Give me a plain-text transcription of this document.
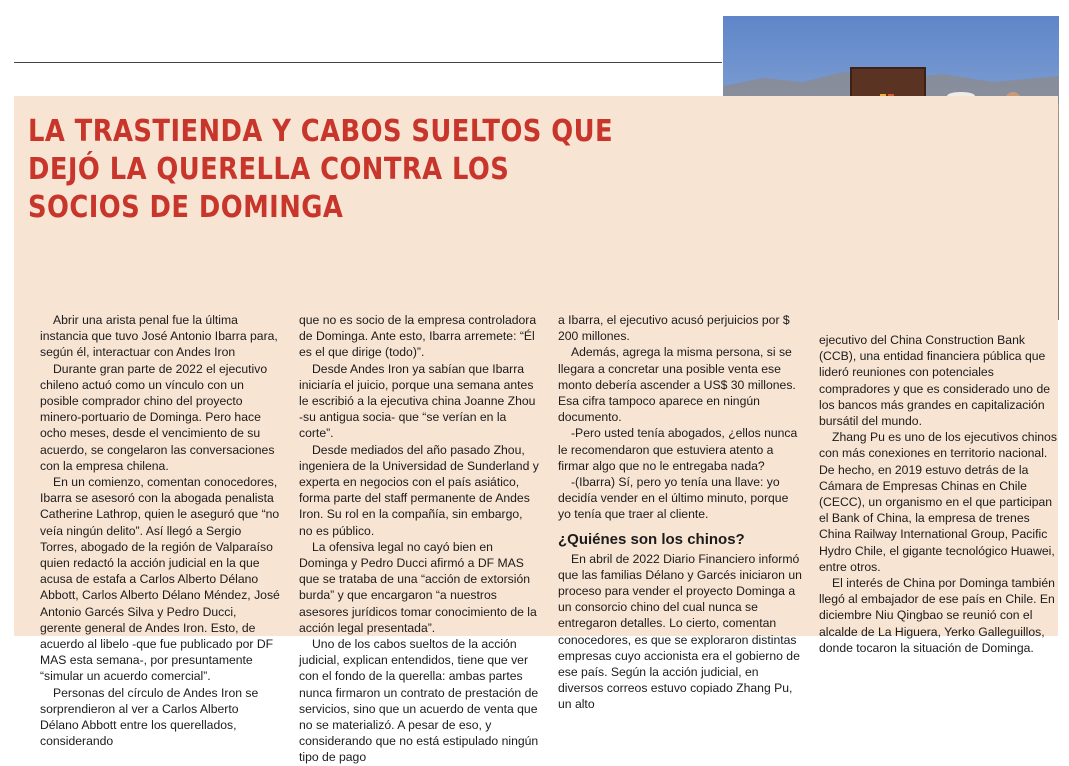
LA TRASTIENDA Y CABOS SUELTOS QUE DEJÓ LA QUERELLA CONTRA LOS SOCIOS DE DOMINGA

Abrir una arista penal fue la última instancia que tuvo José Antonio Ibarra para, según él, interactuar con Andes Iron

Durante gran parte de 2022 el ejecutivo chileno actuó como un vínculo con un posible comprador chino del proyecto minero-portuario de Dominga. Pero hace ocho meses, desde el vencimiento de su acuerdo, se congelaron las conversaciones con la empresa chilena.

En un comienzo, comentan conocedores, Ibarra se asesoró con la abogada penalista Catherine Lathrop, quien le aseguró que “no veía ningún delito”. Así llegó a Sergio Torres, abogado de la región de Valparaíso quien redactó la acción judicial en la que acusa de estafa a Carlos Alberto Délano Abbott, Carlos Alberto Délano Méndez, José Antonio Garcés Silva y Pedro Ducci, gerente general de Andes Iron. Esto, de acuerdo al libelo -que fue publicado por DF MAS esta semana-, por presuntamente “simular un acuerdo comercial”.

Personas del círculo de Andes Iron se sorprendieron al ver a Carlos Alberto Délano Abbott entre los querellados, considerando

que no es socio de la empresa controladora de Dominga. Ante esto, Ibarra arremete: “Él es el que dirige (todo)”.

Desde Andes Iron ya sabían que Ibarra iniciaría el juicio, porque una semana antes le escribió a la ejecutiva china Joanne Zhou -su antigua socia- que “se verían en la corte”.

Desde mediados del año pasado Zhou, ingeniera de la Universidad de Sunderland y experta en negocios con el país asiático, forma parte del staff permanente de Andes Iron. Su rol en la compañía, sin embargo, no es público.

La ofensiva legal no cayó bien en Dominga y Pedro Ducci afirmó a DF MAS que se trataba de una “acción de extorsión burda” y que encargaron “a nuestros asesores jurídicos tomar conocimiento de la acción legal presentada”.

Uno de los cabos sueltos de la acción judicial, explican entendidos, tiene que ver con el fondo de la querella: ambas partes nunca firmaron un contrato de prestación de servicios, sino que un acuerdo de venta que no se materializó. A pesar de eso, y considerando que no está estipulado ningún tipo de pago

a Ibarra, el ejecutivo acusó perjuicios por $ 200 millones.

Además, agrega la misma persona, si se llegara a concretar una posible venta ese monto debería ascender a US$ 30 millones. Esa cifra tampoco aparece en ningún documento.

-Pero usted tenía abogados, ¿ellos nunca le recomendaron que estuviera atento a firmar algo que no le entregaba nada?

-(Ibarra) Sí, pero yo tenía una llave: yo decidía vender en el último minuto, porque yo tenía que traer al cliente.

¿Quiénes son los chinos?

En abril de 2022 Diario Financiero informó que las familias Délano y Garcés iniciaron un proceso para vender el proyecto Dominga a un consorcio chino del cual nunca se entregaron detalles. Lo cierto, comentan conocedores, es que se exploraron distintas empresas cuyo accionista era el gobierno de ese país. Según la acción judicial, en diversos correos estuvo copiado Zhang Pu, un alto

ejecutivo del China Construction Bank (CCB), una entidad financiera pública que lideró reuniones con potenciales compradores y que es considerado uno de los bancos más grandes en capitalización bursátil del mundo.

Zhang Pu es uno de los ejecutivos chinos con más conexiones en territorio nacional. De hecho, en 2019 estuvo detrás de la Cámara de Empresas Chinas en Chile (CECC), un organismo en el que participan el Bank of China, la empresa de trenes China Railway International Group, Pacific Hydro Chile, el gigante tecnológico Huawei, entre otros.

El interés de China por Dominga también llegó al embajador de ese país en Chile. En diciembre Niu Qingbao se reunió con el alcalde de La Higuera, Yerko Galleguillos, donde tocaron la situación de Dominga.
